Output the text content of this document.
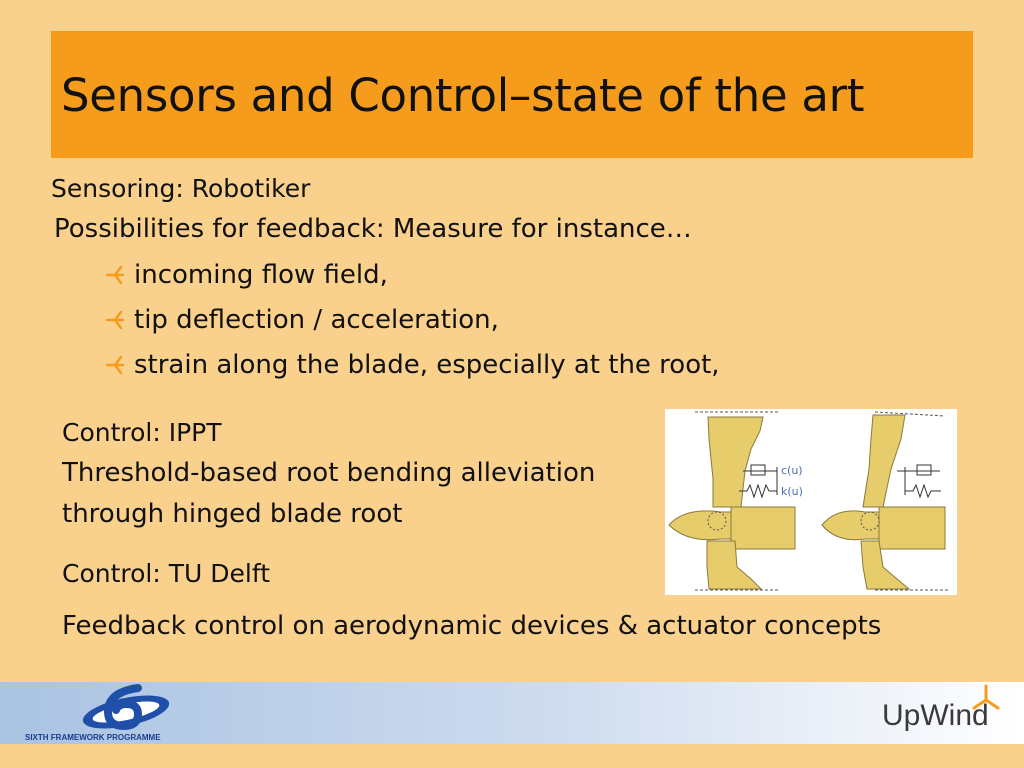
Sensors and Control–state of the art
Sensoring: Robotiker
Possibilities for feedback: Measure for instance…
incoming flow field,
tip deflection / acceleration,
strain along the blade, especially at the root,
Control: IPPT
Threshold-based root bending alleviation
through hinged blade root
c(u)
k(u)
Control: TU Delft
Feedback control on aerodynamic devices & actuator concepts
SIXTH FRAMEWORK PROGRAMME
UpWind
